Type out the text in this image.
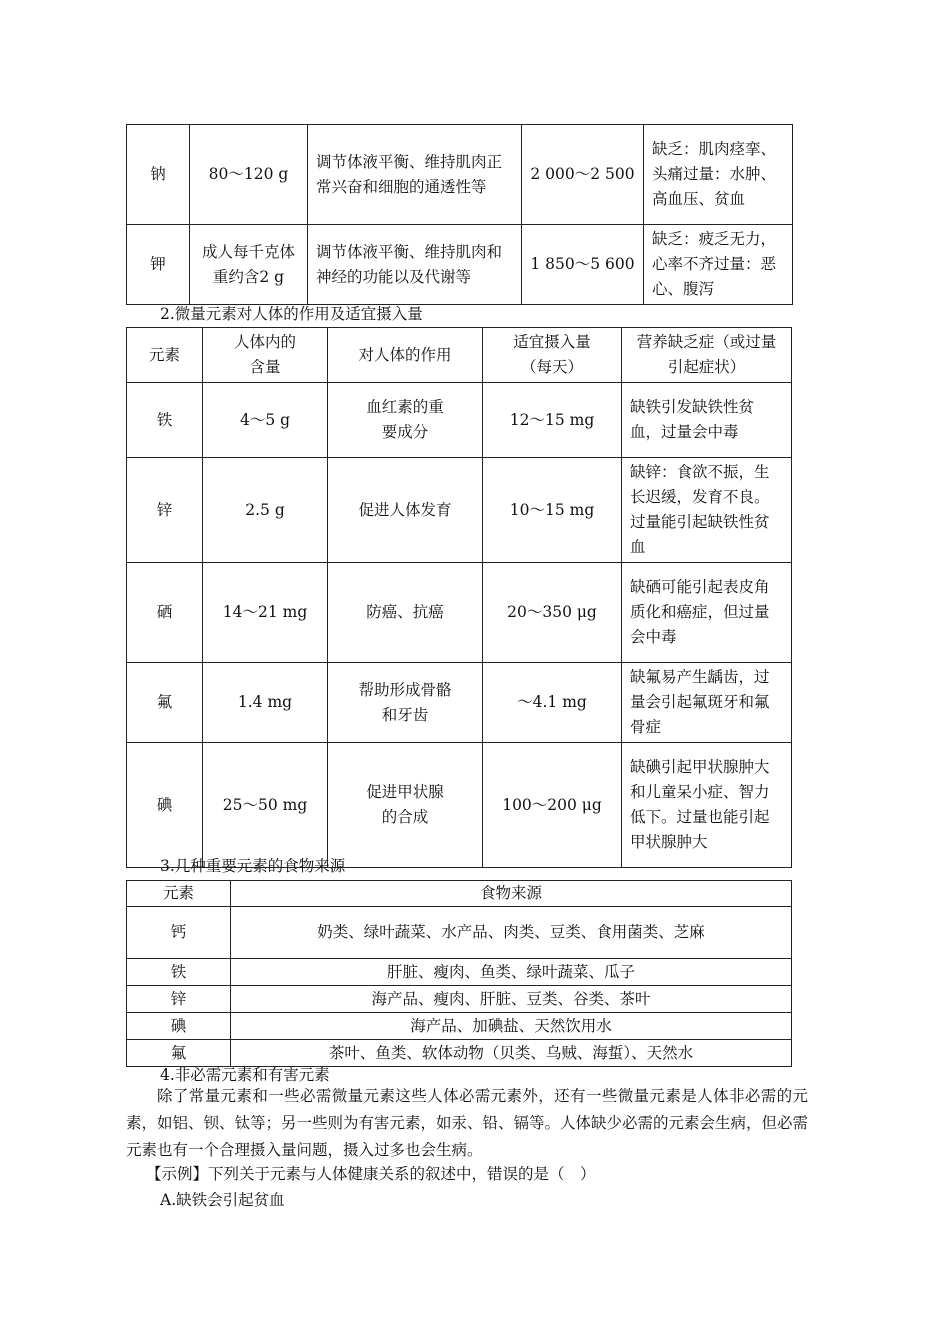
钠	80～120 g	调节体液平衡、维持肌肉正常兴奋和细胞的通透性等	2 000～2 500	缺乏：肌肉痉挛、头痛过量：水肿、高血压、贫血
钾	成人每千克体重约含2 g	调节体液平衡、维持肌肉和神经的功能以及代谢等	1 850～5 600	缺乏：疲乏无力，心率不齐过量：恶心、腹泻
2.微量元素对人体的作用及适宜摄入量
元素	人体内的含量	对人体的作用	适宜摄入量（每天）	营养缺乏症（或过量引起症状）
铁	4～5 g	血红素的重要成分	12～15 mg	缺铁引发缺铁性贫血，过量会中毒
锌	2.5 g	促进人体发育	10～15 mg	缺锌：食欲不振，生长迟缓，发育不良。过量能引起缺铁性贫血
硒	14～21 mg	防癌、抗癌	20～350 μg	缺硒可能引起表皮角质化和癌症，但过量会中毒
氟	1.4 mg	帮助形成骨骼和牙齿	～4.1 mg	缺氟易产生龋齿，过量会引起氟斑牙和氟骨症
碘	25～50 mg	促进甲状腺的合成	100～200 μg	缺碘引起甲状腺肿大和儿童呆小症、智力低下。过量也能引起甲状腺肿大
3.几种重要元素的食物来源
元素	食物来源
钙	奶类、绿叶蔬菜、水产品、肉类、豆类、食用菌类、芝麻
铁	肝脏、瘦肉、鱼类、绿叶蔬菜、瓜子
锌	海产品、瘦肉、肝脏、豆类、谷类、茶叶
碘	海产品、加碘盐、天然饮用水
氟	茶叶、鱼类、软体动物（贝类、乌贼、海蜇）、天然水
4.非必需元素和有害元素
除了常量元素和一些必需微量元素这些人体必需元素外，还有一些微量元素是人体非必需的元素，如铝、钡、钛等；另一些则为有害元素，如汞、铅、镉等。人体缺少必需的元素会生病，但必需元素也有一个合理摄入量问题，摄入过多也会生病。
【示例】下列关于元素与人体健康关系的叙述中，错误的是（　）
A.缺铁会引起贫血
